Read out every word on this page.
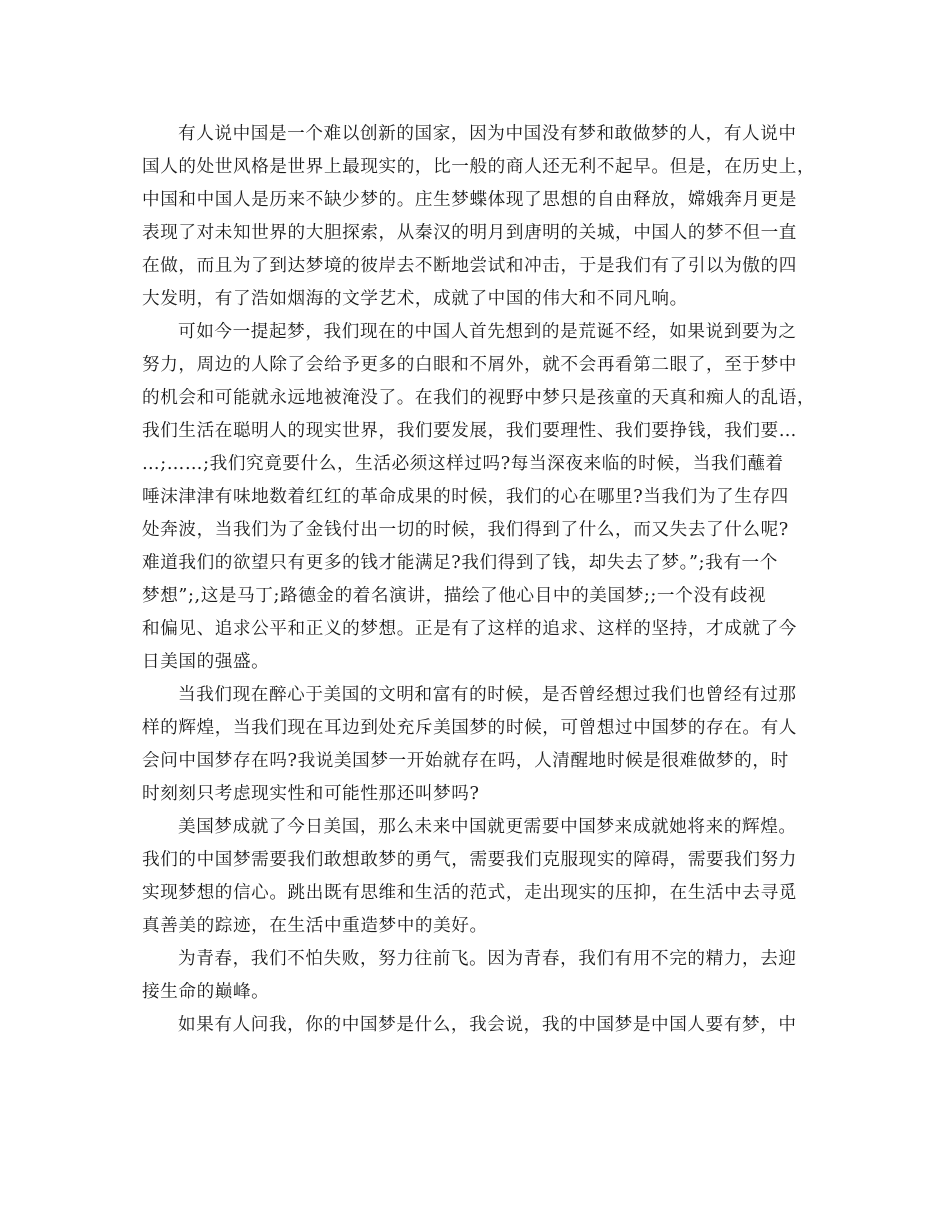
有人说中国是一个难以创新的国家，因为中国没有梦和敢做梦的人，有人说中
国人的处世风格是世界上最现实的，比一般的商人还无利不起早。但是，在历史上，
中国和中国人是历来不缺少梦的。庄生梦蝶体现了思想的自由释放，嫦娥奔月更是
表现了对未知世界的大胆探索，从秦汉的明月到唐明的关城，中国人的梦不但一直
在做，而且为了到达梦境的彼岸去不断地尝试和冲击，于是我们有了引以为傲的四
大发明，有了浩如烟海的文学艺术，成就了中国的伟大和不同凡响。
可如今一提起梦，我们现在的中国人首先想到的是荒诞不经，如果说到要为之
努力，周边的人除了会给予更多的白眼和不屑外，就不会再看第二眼了，至于梦中
的机会和可能就永远地被淹没了。在我们的视野中梦只是孩童的天真和痴人的乱语，
我们生活在聪明人的现实世界，我们要发展，我们要理性、我们要挣钱，我们要…
…;……;我们究竟要什么，生活必须这样过吗?每当深夜来临的时候，当我们蘸着
唾沫津津有味地数着红红的革命成果的时候，我们的心在哪里?当我们为了生存四
处奔波，当我们为了金钱付出一切的时候，我们得到了什么，而又失去了什么呢?
难道我们的欲望只有更多的钱才能满足?我们得到了钱，却失去了梦。”;我有一个
梦想”;,这是马丁;路德金的着名演讲，描绘了他心目中的美国梦;;一个没有歧视
和偏见、追求公平和正义的梦想。正是有了这样的追求、这样的坚持，才成就了今
日美国的强盛。
当我们现在醉心于美国的文明和富有的时候，是否曾经想过我们也曾经有过那
样的辉煌，当我们现在耳边到处充斥美国梦的时候，可曾想过中国梦的存在。有人
会问中国梦存在吗?我说美国梦一开始就存在吗，人清醒地时候是很难做梦的，时
时刻刻只考虑现实性和可能性那还叫梦吗?
美国梦成就了今日美国，那么未来中国就更需要中国梦来成就她将来的辉煌。
我们的中国梦需要我们敢想敢梦的勇气，需要我们克服现实的障碍，需要我们努力
实现梦想的信心。跳出既有思维和生活的范式，走出现实的压抑，在生活中去寻觅
真善美的踪迹，在生活中重造梦中的美好。
为青春，我们不怕失败，努力往前飞。因为青春，我们有用不完的精力，去迎
接生命的巅峰。
如果有人问我，你的中国梦是什么，我会说，我的中国梦是中国人要有梦，中
